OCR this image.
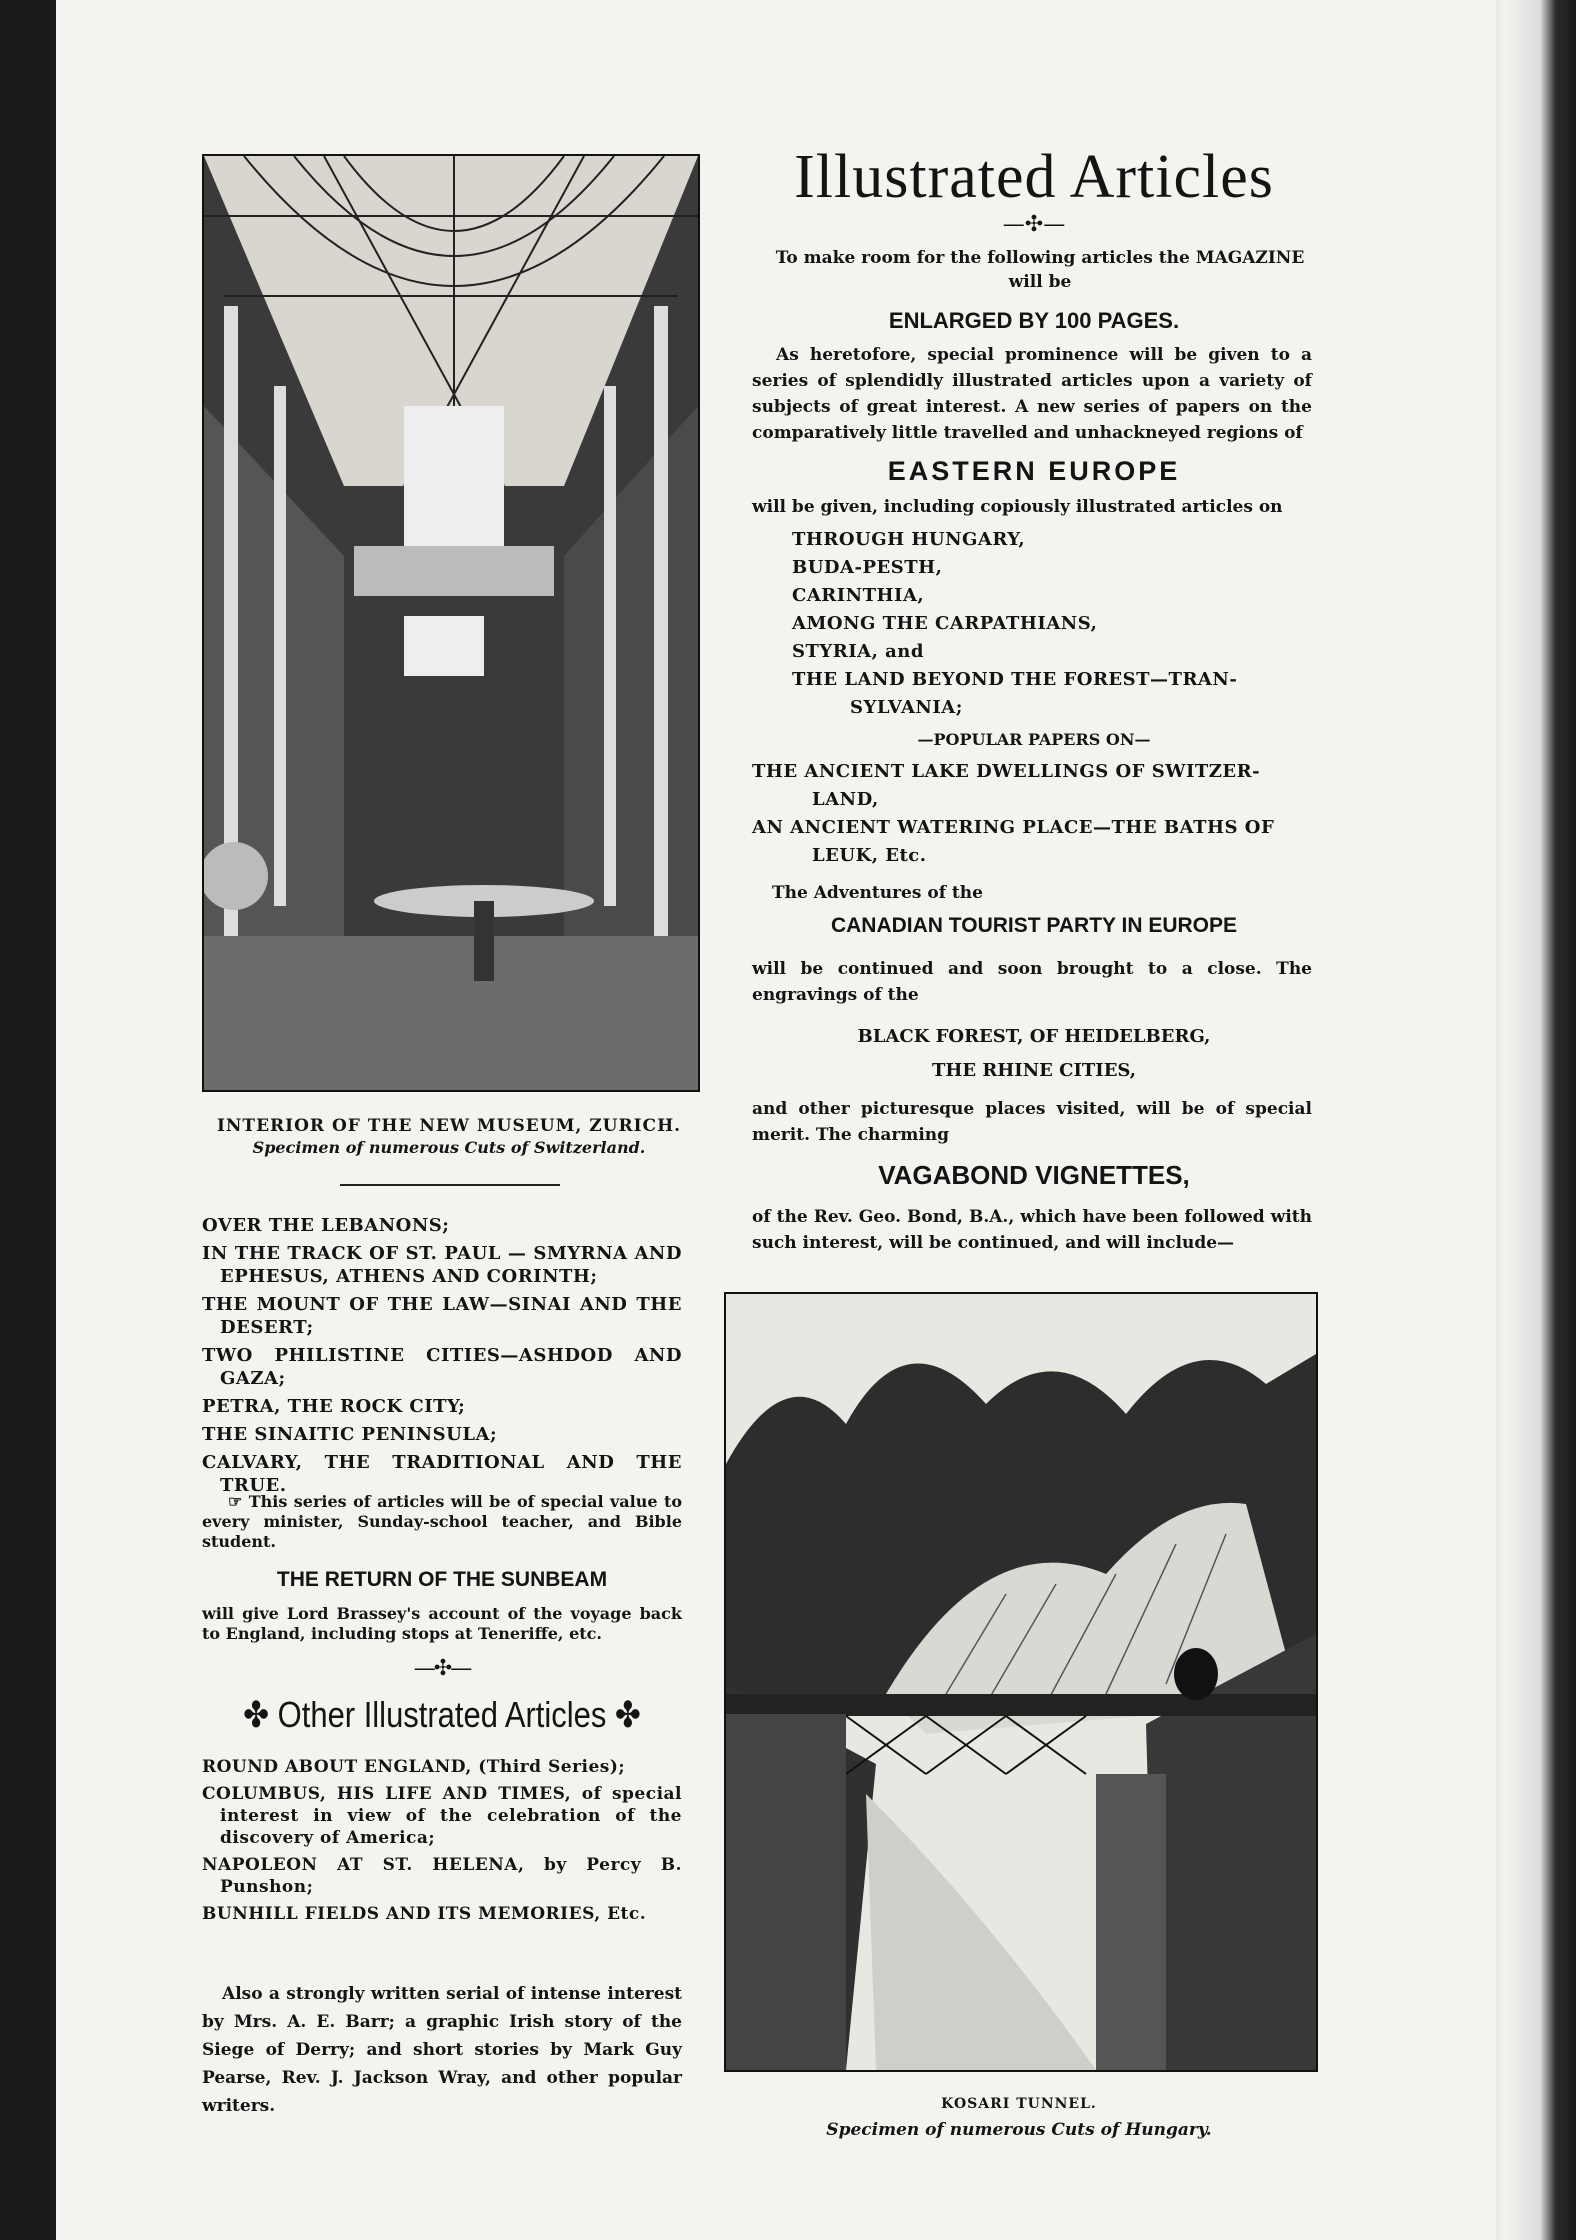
INTERIOR OF THE NEW MUSEUM, ZURICH.
Specimen of numerous Cuts of Switzerland.
OVER THE LEBANONS;
IN THE TRACK OF ST. PAUL — SMYRNA AND EPHESUS, ATHENS AND CORINTH;
THE MOUNT OF THE LAW—SINAI AND THE DESERT;
TWO PHILISTINE CITIES—ASHDOD AND GAZA;
PETRA, THE ROCK CITY;
THE SINAITIC PENINSULA;
CALVARY, THE TRADITIONAL AND THE TRUE.
☞ This series of articles will be of special value to every minister, Sunday-school teacher, and Bible student.
THE RETURN OF THE SUNBEAM
will give Lord Brassey's account of the voyage back to England, including stops at Teneriffe, etc.
—✣—
✤ Other Illustrated Articles ✤
ROUND ABOUT ENGLAND, (Third Series);
COLUMBUS, HIS LIFE AND TIMES, of special interest in view of the celebration of the discovery of America;
NAPOLEON AT ST. HELENA, by Percy B. Punshon;
BUNHILL FIELDS AND ITS MEMORIES, Etc.
Also a strongly written serial of intense interest by Mrs. A. E. Barr; a graphic Irish story of the Siege of Derry; and short stories by Mark Guy Pearse, Rev. J. Jackson Wray, and other popular writers.
Illustrated Articles
—✣—
To make room for the following articles the MAGAZINE will be
ENLARGED BY 100 PAGES.
As heretofore, special prominence will be given to a series of splendidly illustrated articles upon a variety of subjects of great interest. A new series of papers on the comparatively little travelled and unhackneyed regions of
EASTERN EUROPE
will be given, including copiously illustrated articles on
THROUGH HUNGARY,
BUDA-PESTH,
CARINTHIA,
AMONG THE CARPATHIANS,
STYRIA, and
THE LAND BEYOND THE FOREST—TRAN-
SYLVANIA;
—POPULAR PAPERS ON—
THE ANCIENT LAKE DWELLINGS OF SWITZER-
LAND,
AN ANCIENT WATERING PLACE—THE BATHS OF
LEUK, Etc.
The Adventures of the
CANADIAN TOURIST PARTY IN EUROPE
will be continued and soon brought to a close. The engravings of the
BLACK FOREST, OF HEIDELBERG,
THE RHINE CITIES,
and other picturesque places visited, will be of special merit. The charming
VAGABOND VIGNETTES,
of the Rev. Geo. Bond, B.A., which have been followed with such interest, will be continued, and will include—
KOSARI TUNNEL.
Specimen of numerous Cuts of Hungary.
